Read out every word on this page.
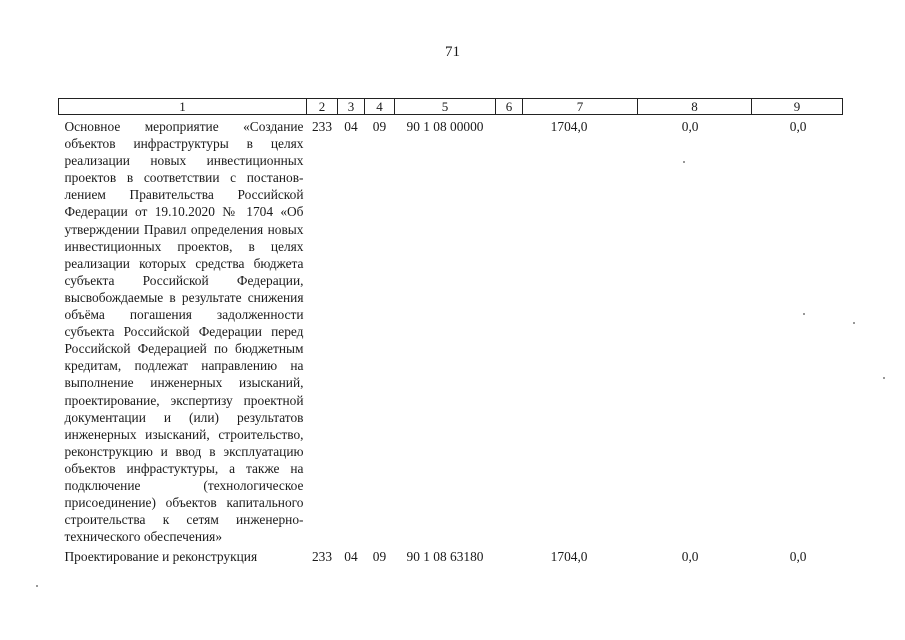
71
1	2	3	4	5	6	7	8	9
Основное мероприятие «Создание объектов инфраструктуры в целях реализации новых инвестиционных проектов в соответствии с постановлением Правительства Российской Федерации от 19.10.2020 № 1704 «Об утверждении Правил определения новых инвестиционных проектов, в целях реализации которых средства бюджета субъекта Российской Федерации, высвобождаемые в результате снижения объёма погашения задолженности субъекта Российской Федерации перед Российской Федерацией по бюджетным кредитам, подлежат направлению на выполнение инженерных изысканий, проектирование, экспертизу проектной документации и (или) результатов инженерных изысканий, строительство, реконструкцию и ввод в эксплуатацию объектов инфрастуктуры, а также на подключение (технологическое присоединение) объектов капитального строительства к сетям инженерно-технического обеспечения»	233	04	09	90 1 08 00000		1704,0	0,0	0,0
Проектирование и реконструкция	233	04	09	90 1 08 63180		1704,0	0,0	0,0
